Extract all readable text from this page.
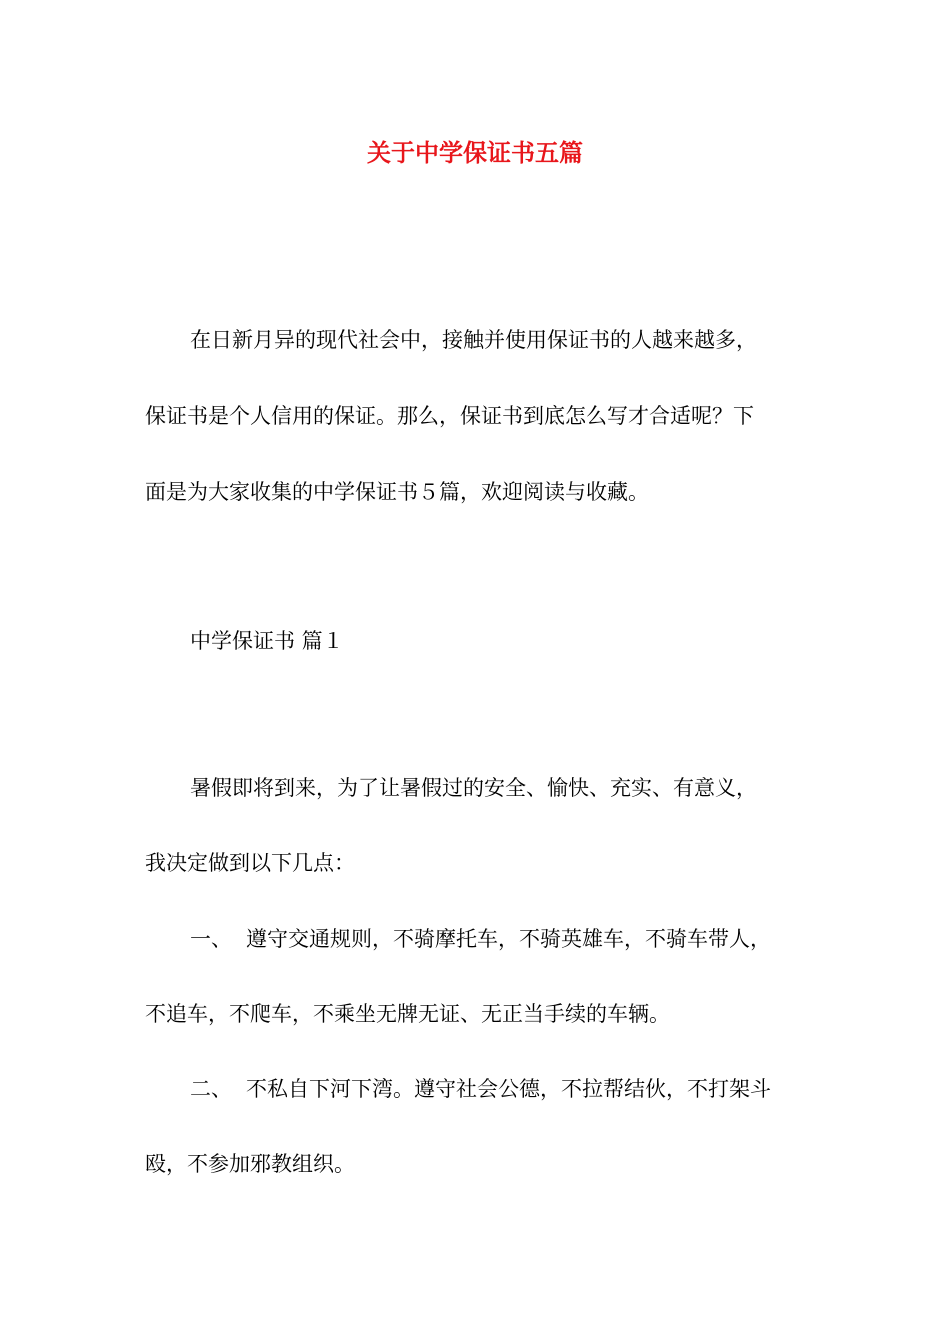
关于中学保证书五篇
在日新月异的现代社会中，接触并使用保证书的人越来越多，
保证书是个人信用的保证。那么，保证书到底怎么写才合适呢？下
面是为大家收集的中学保证书５篇，欢迎阅读与收藏。
中学保证书 篇１
暑假即将到来，为了让暑假过的安全、愉快、充实、有意义，
我决定做到以下几点：
一、 遵守交通规则，不骑摩托车，不骑英雄车，不骑车带人，
不追车，不爬车，不乘坐无牌无证、无正当手续的车辆。
二、 不私自下河下湾。遵守社会公德，不拉帮结伙，不打架斗
殴，不参加邪教组织。
